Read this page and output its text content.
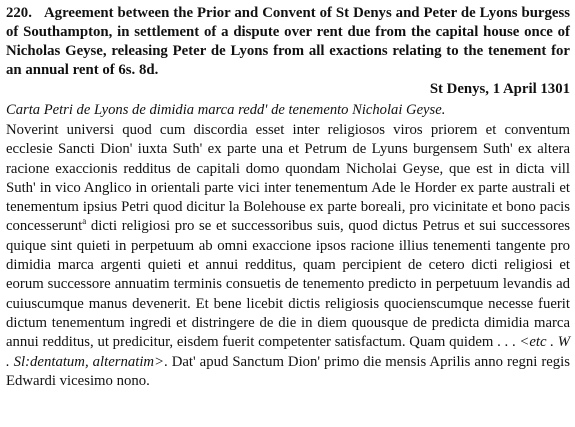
220. Agreement between the Prior and Convent of St Denys and Peter de Lyons burgess of Southampton, in settlement of a dispute over rent due from the capital house once of Nicholas Geyse, releasing Peter de Lyons from all exactions relating to the tenement for an annual rent of 6s. 8d.

St Denys, 1 April 1301

Carta Petri de Lyons de dimidia marca redd' de tenemento Nicholai Geyse.

Noverint universi quod cum discordia esset inter religiosos viros priorem et conventum ecclesie Sancti Dion' iuxta Suth' ex parte una et Petrum de Lyuns burgensem Suth' ex altera racione exaccionis redditus de capitali domo quondam Nicholai Geyse, que est in dicta vill Suth' in vico Anglico in orientali parte vici inter tenementum Ade le Horder ex parte australi et tenementum ipsius Petri quod dicitur la Bolehouse ex parte boreali, pro vicinitate et bono pacis concesserunt$^a$ dicti religiosi pro se et successoribus suis, quod dictus Petrus et sui successores quique sint quieti in perpetuum ab omni exaccione ipsos racione illius tenementi tangente pro dimidia marca argenti quieti et annui redditus, quam percipient de cetero dicti religiosi et eorum successore annuatim terminis consuetis de tenemento predicto in perpetuum levandis ad cuiuscumque manus devenerit. Et bene licebit dictis religiosis quocienscumque necesse fuerit dictum tenementum ingredi et distringere de die in diem quousque de predicta dimidia marca annui redditus, ut predicitur, eisdem fuerit competenter satisfactum. Quam quidem . . . <etc . W . Sl:dentatum, alternatim>. Dat' apud Sanctum Dion' primo die mensis Aprilis anno regni regis Edwardi vicesimo nono.
